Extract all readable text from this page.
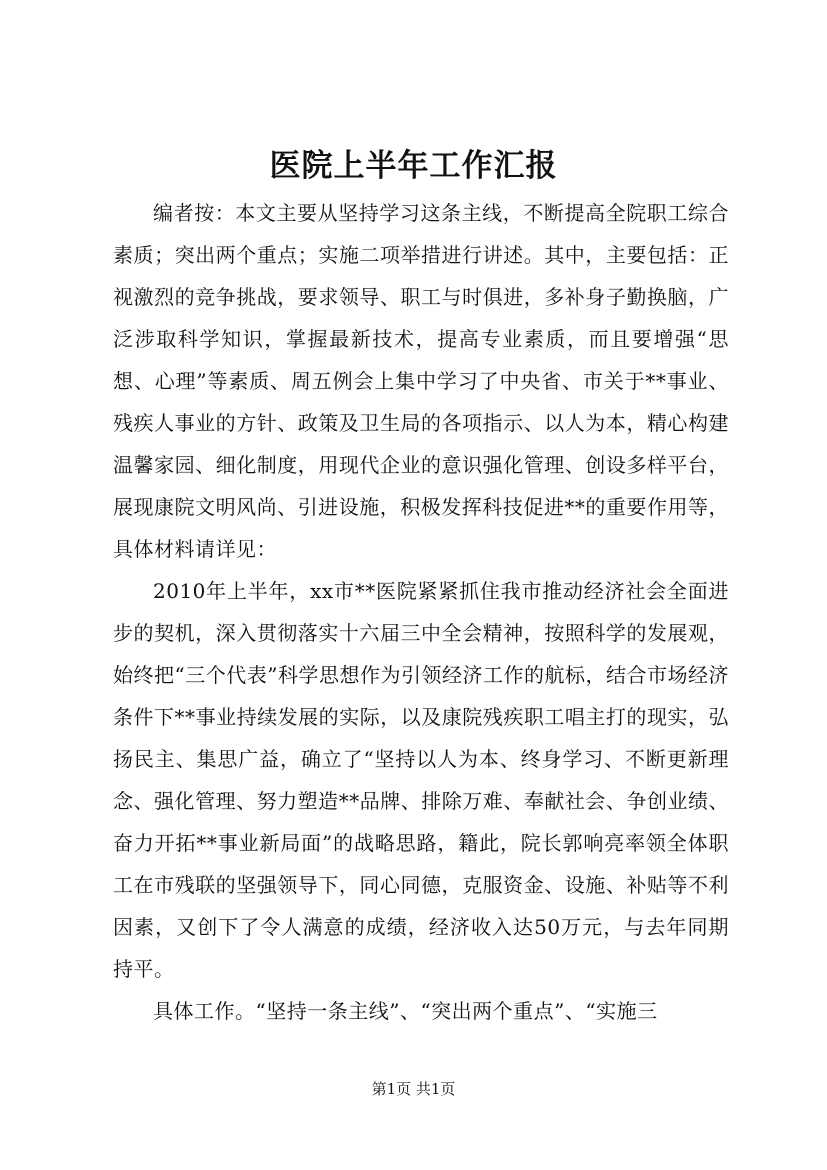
医院上半年工作汇报

编者按：本文主要从坚持学习这条主线，不断提高全院职工综合素质；突出两个重点；实施二项举措进行讲述。其中，主要包括：正视激烈的竞争挑战，要求领导、职工与时俱进，多补身子勤换脑，广泛涉取科学知识，掌握最新技术，提高专业素质，而且要增强“思想、心理”等素质、周五例会上集中学习了中央省、市关于**事业、残疾人事业的方针、政策及卫生局的各项指示、以人为本，精心构建温馨家园、细化制度，用现代企业的意识强化管理、创设多样平台，展现康院文明风尚、引进设施，积极发挥科技促进**的重要作用等，具体材料请详见：

2010年上半年，xx市**医院紧紧抓住我市推动经济社会全面进步的契机，深入贯彻落实十六届三中全会精神，按照科学的发展观，始终把“三个代表”科学思想作为引领经济工作的航标，结合市场经济条件下**事业持续发展的实际，以及康院残疾职工唱主打的现实，弘扬民主、集思广益，确立了“坚持以人为本、终身学习、不断更新理念、强化管理、努力塑造**品牌、排除万难、奉献社会、争创业绩、奋力开拓**事业新局面”的战略思路，籍此，院长郭响亮率领全体职工在市残联的坚强领导下，同心同德，克服资金、设施、补贴等不利因素，又创下了令人满意的成绩，经济收入达50万元，与去年同期持平。

具体工作。“坚持一条主线”、“突出两个重点”、“实施三

第1页 共1页
